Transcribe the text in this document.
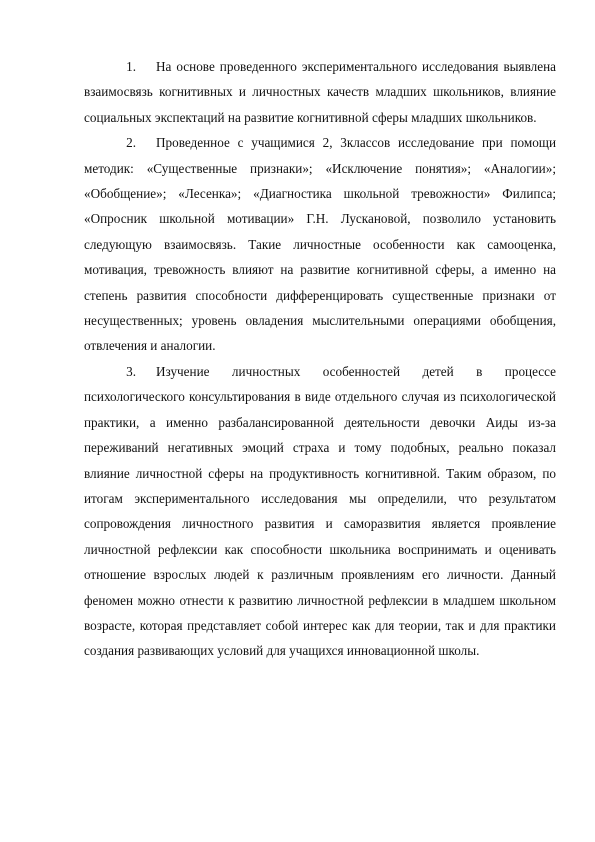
1. На основе проведенного экспериментального исследования выявлена взаимосвязь когнитивных и личностных качеств младших школьников, влияние социальных экспектаций на развитие когнитивной сферы младших школьников.

2. Проведенное с учащимися 2, 3классов исследование при помощи методик: «Существенные признаки»; «Исключение понятия»; «Аналогии»; «Обобщение»; «Лесенка»; «Диагностика школьной тревожности» Филипса; «Опросник школьной мотивации» Г.Н. Лускановой, позволило установить следующую взаимосвязь. Такие личностные особенности как самооценка, мотивация, тревожность влияют на развитие когнитивной сферы, а именно на степень развития способности дифференцировать существенные признаки от несущественных; уровень овладения мыслительными операциями обобщения, отвлечения и аналогии.

3. Изучение личностных особенностей детей в процессе психологического консультирования в виде отдельного случая из психологической практики, а именно разбалансированной деятельности девочки Аиды из-за переживаний негативных эмоций страха и тому подобных, реально показал влияние личностной сферы на продуктивность когнитивной. Таким образом, по итогам экспериментального исследования мы определили, что результатом сопровождения личностного развития и саморазвития является проявление личностной рефлексии как способности школьника воспринимать и оценивать отношение взрослых людей к различным проявлениям его личности. Данный феномен можно отнести к развитию личностной рефлексии в младшем школьном возрасте, которая представляет собой интерес как для теории, так и для практики создания развивающих условий для учащихся инновационной школы.
